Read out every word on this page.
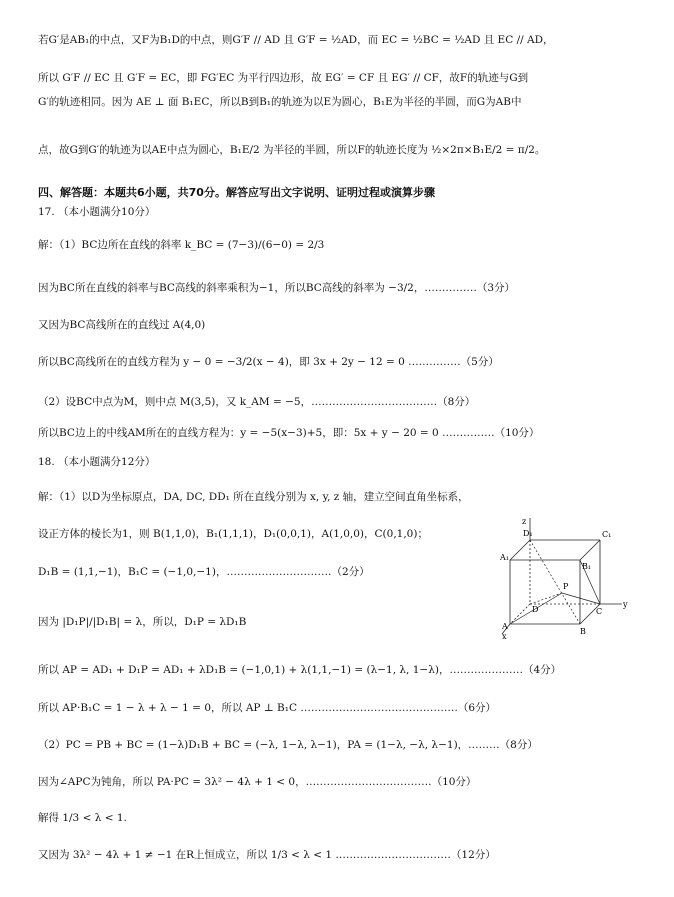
若G′是AB₁的中点，又F为B₁D的中点，则G′F // AD 且 G′F = ½AD，而 EC = ½BC = ½AD 且 EC // AD，
所以 G′F // EC 且 G′F = EC，即 FG′EC 为平行四边形，故 EG′ = CF 且 EG′ // CF，故F的轨迹与G到
G′的轨迹相同。因为 AE ⊥ 面 B₁EC，所以B到B₁的轨迹为以E为圆心，B₁E为半径的半圆，而G为AB中
点，故G到G′的轨迹为以AE中点为圆心，B₁E/2 为半径的半圆，所以F的轨迹长度为 ½×2π×B₁E/2 = π/2。
四、解答题：本题共6小题，共70分。解答应写出文字说明、证明过程或演算步骤
17. （本小题满分10分）
解：（1）BC边所在直线的斜率 k_BC = (7−3)/(6−0) = 2/3
因为BC所在直线的斜率与BC高线的斜率乘积为−1，所以BC高线的斜率为 −3/2，……………（3分）
又因为BC高线所在的直线过 A(4,0)
所以BC高线所在的直线方程为 y − 0 = −3/2(x − 4)，即 3x + 2y − 12 = 0 ……………（5分）
（2）设BC中点为M，则中点 M(3,5)，又 k_AM = −5，………………………………（8分）
所以BC边上的中线AM所在的直线方程为：y = −5(x−3)+5，即：5x + y − 20 = 0 ……………（10分）
18. （本小题满分12分）
解：（1）以D为坐标原点，DA, DC, DD₁ 所在直线分别为 x, y, z 轴，建立空间直角坐标系，
设正方体的棱长为1，则 B(1,1,0)，B₁(1,1,1)，D₁(0,0,1)，A(1,0,0)，C(0,1,0)；
D₁B = (1,1,−1)，B₁C = (−1,0,−1)，…………………………（2分）
因为 |D₁P|/|D₁B| = λ，所以，D₁P = λD₁B
所以 AP = AD₁ + D₁P = AD₁ + λD₁B = (−1,0,1) + λ(1,1,−1) = (λ−1, λ, 1−λ)，…………………（4分）
所以 AP·B₁C = 1 − λ + λ − 1 = 0，所以 AP ⊥ B₁C ………………………………………（6分）
（2）PC = PB + BC = (1−λ)D₁B + BC = (−λ, 1−λ, λ−1)，PA = (1−λ, −λ, λ−1)，………（8分）
因为∠APC为钝角，所以 PA·PC = 3λ² − 4λ + 1 < 0，………………………………（10分）
解得 1/3 < λ < 1.
又因为 3λ² − 4λ + 1 ≠ −1 在R上恒成立，所以 1/3 < λ < 1 ……………………………（12分）
z
y
x
D₁	C₁
A₁
B₁
P
D	C
A
B
